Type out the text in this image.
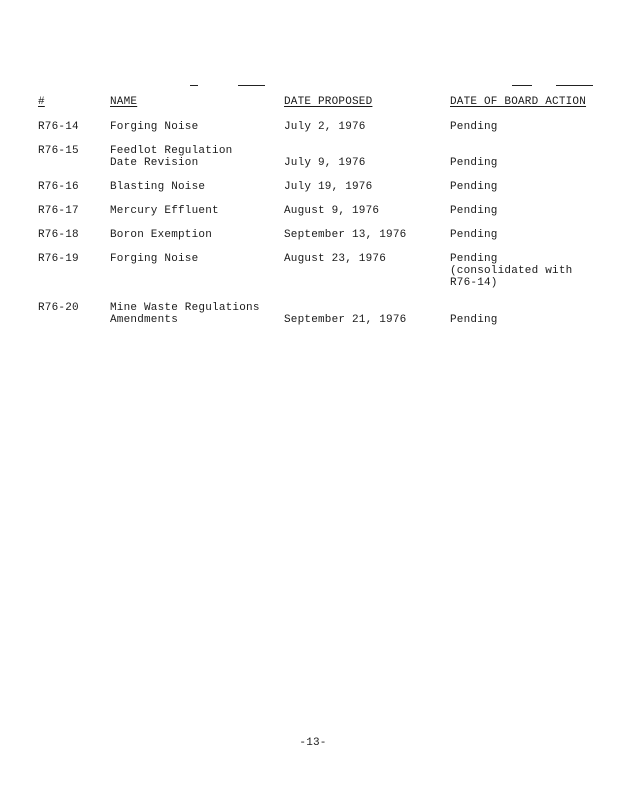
#	NAME	DATE PROPOSED	DATE OF BOARD ACTION
R76-14	Forging Noise	July 2, 1976	Pending
R76-15	Feedlot Regulation
Date Revision	July 9, 1976	Pending
R76-16	Blasting Noise	July 19, 1976	Pending
R76-17	Mercury Effluent	August 9, 1976	Pending
R76-18	Boron Exemption	September 13, 1976	Pending
R76-19	Forging Noise	August 23, 1976	Pending
(consolidated with
R76-14)
R76-20	Mine Waste Regulations
Amendments	September 21, 1976	Pending
-13-
